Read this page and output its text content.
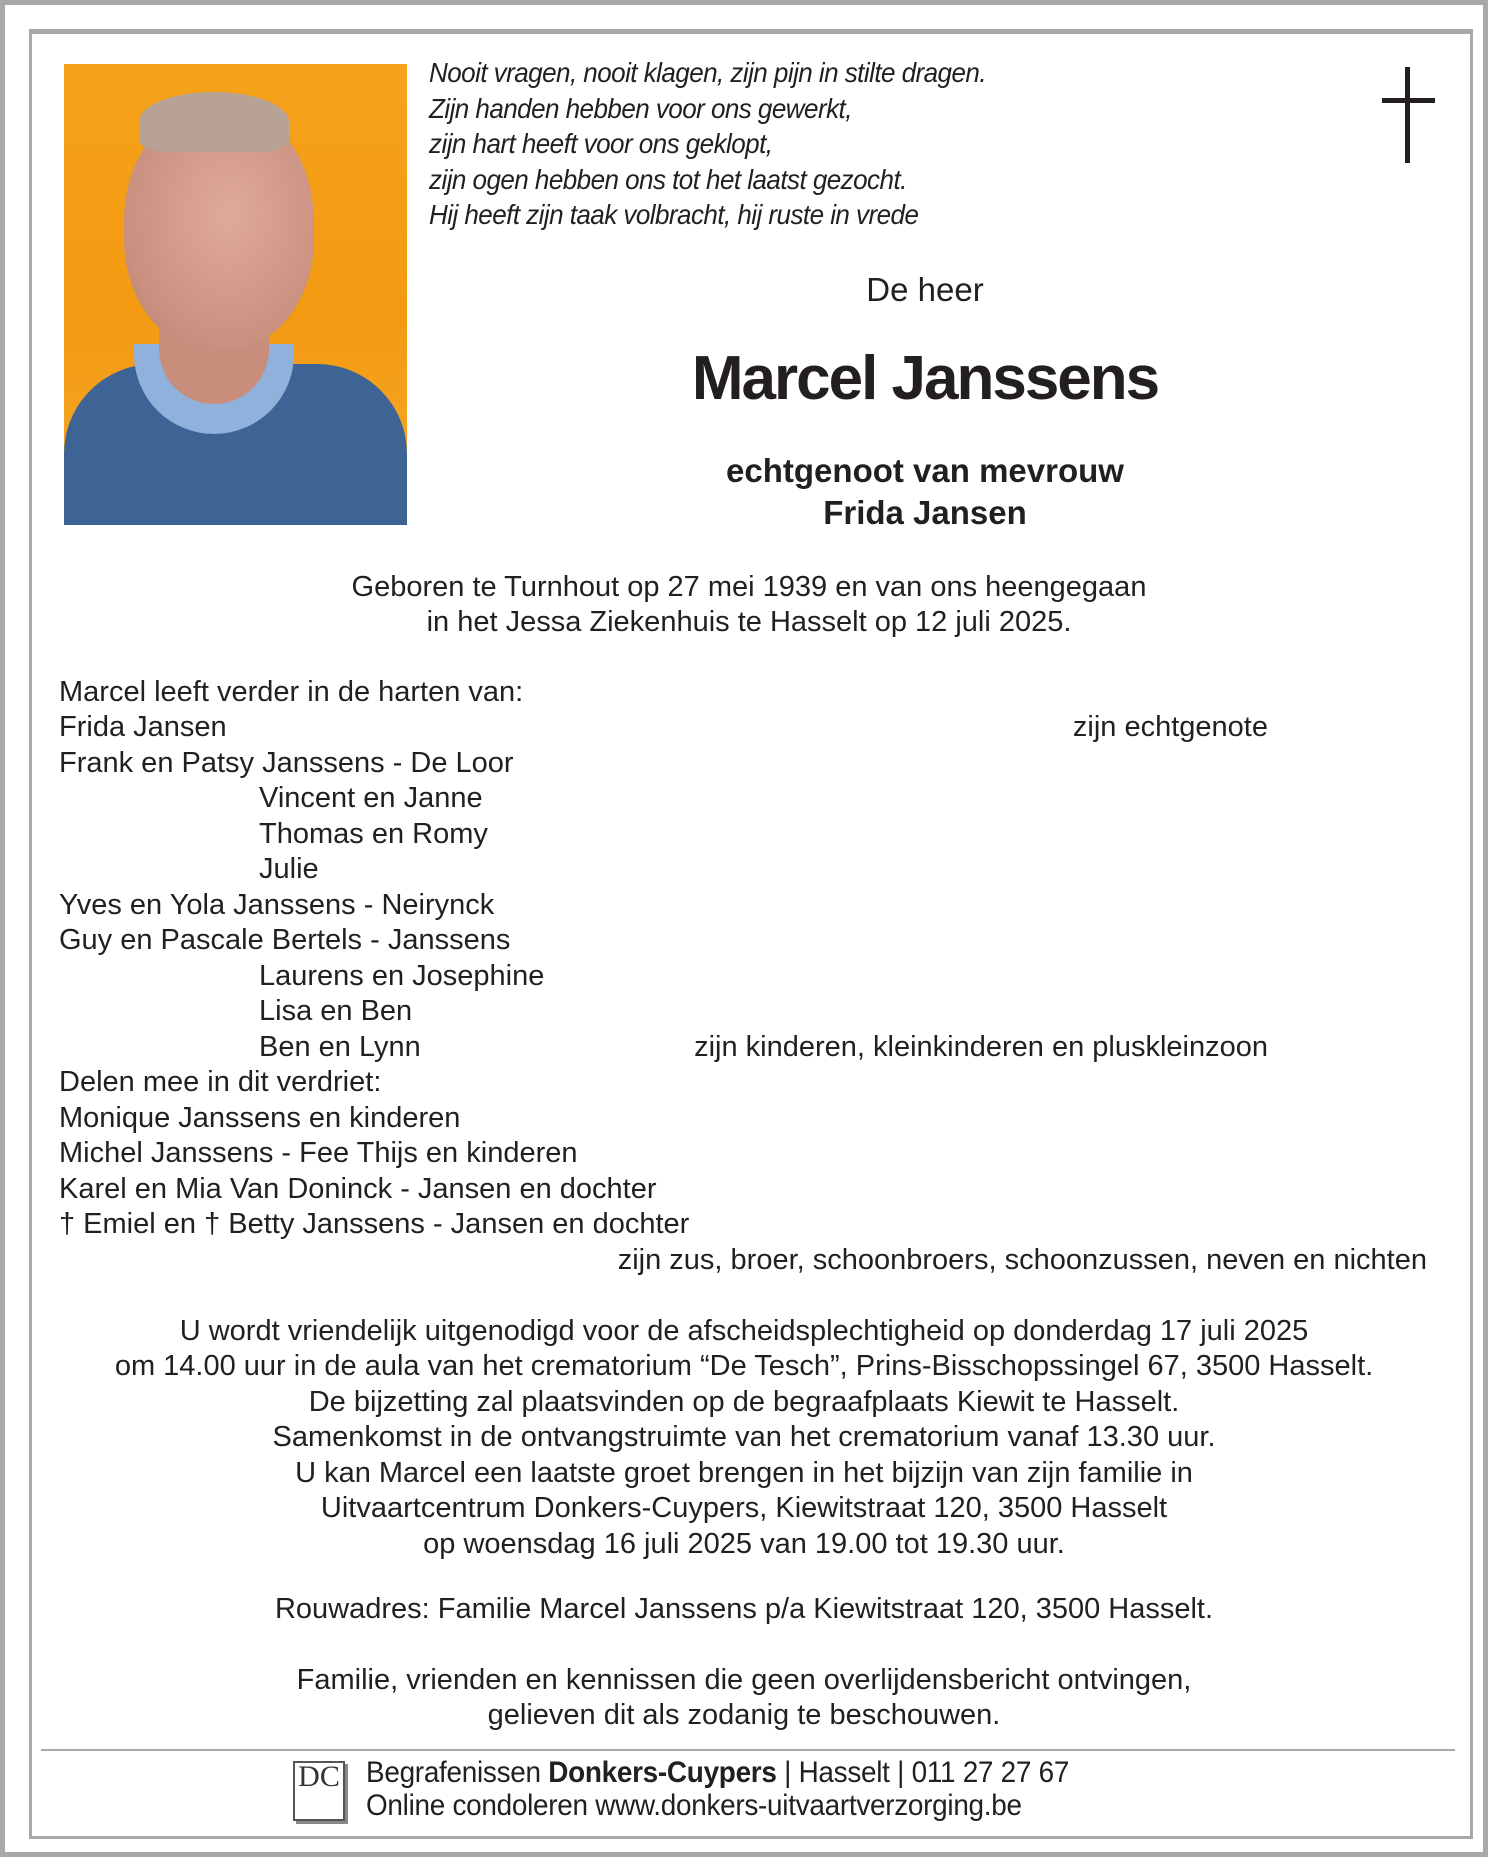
Nooit vragen, nooit klagen, zijn pijn in stilte dragen.
Zijn handen hebben voor ons gewerkt,
zijn hart heeft voor ons geklopt,
zijn ogen hebben ons tot het laatst gezocht.
Hij heeft zijn taak volbracht, hij ruste in vrede
De heer
Marcel Janssens
echtgenoot van mevrouw
Frida Jansen
Geboren te Turnhout op 27 mei 1939 en van ons heengegaan
in het Jessa Ziekenhuis te Hasselt op 12 juli 2025.
Marcel leeft verder in de harten van:
Frida Jansen
Frank en Patsy Janssens - De Loor
Vincent en Janne
Thomas en Romy
Julie
Yves en Yola Janssens - Neirynck
Guy en Pascale Bertels - Janssens
Laurens en Josephine
Lisa en Ben
Ben en Lynn
Delen mee in dit verdriet:
Monique Janssens en kinderen
Michel Janssens - Fee Thijs en kinderen
Karel en Mia Van Doninck - Jansen en dochter
† Emiel en † Betty Janssens - Jansen en dochter
zijn echtgenote
zijn kinderen, kleinkinderen en pluskleinzoon
zijn zus, broer, schoonbroers, schoonzussen, neven en nichten
U wordt vriendelijk uitgenodigd voor de afscheidsplechtigheid op donderdag 17 juli 2025
om 14.00 uur in de aula van het crematorium “De Tesch”, Prins-Bisschopssingel 67, 3500 Hasselt.
De bijzetting zal plaatsvinden op de begraafplaats Kiewit te Hasselt.
Samenkomst in de ontvangstruimte van het crematorium vanaf 13.30 uur.
U kan Marcel een laatste groet brengen in het bijzijn van zijn familie in
Uitvaartcentrum Donkers-Cuypers, Kiewitstraat 120, 3500 Hasselt
op woensdag 16 juli 2025 van 19.00 tot 19.30 uur.
Rouwadres: Familie Marcel Janssens p/a Kiewitstraat 120, 3500 Hasselt.
Familie, vrienden en kennissen die geen overlijdensbericht ontvingen,
gelieven dit als zodanig te beschouwen.
DC Begrafenissen Donkers-Cuypers | Hasselt | 011 27 27 67
Online condoleren www.donkers-uitvaartverzorging.be
